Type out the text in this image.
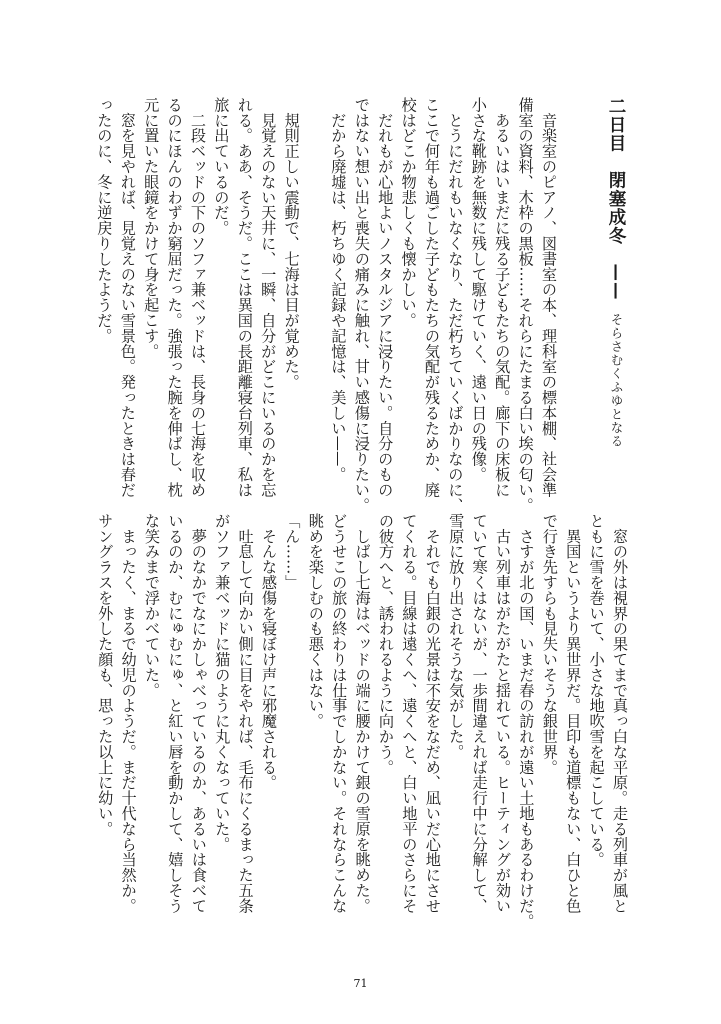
二日目　閉塞成冬　——そらさむくふゆとなる
　音楽室のピアノ、図書室の本、理科室の標本棚、社会準
備室の資料、木枠の黒板……それらにたまる白い埃の匂い。
　あるいはいまだに残る子どもたちの気配。廊下の床板に
小さな靴跡を無数に残して駆けていく、遠い日の残像。
　とうにだれもいなくなり、ただ朽ちていくばかりなのに、
ここで何年も過ごした子どもたちの気配が残るためか、廃
校はどこか物悲しくも懐かしい。
　だれもが心地よいノスタルジアに浸りたい。自分のもの
ではない想い出と喪失の痛みに触れ、甘い感傷に浸りたい。
　だから廃墟は、朽ちゆく記録や記憶は、美しい——。
　規則正しい震動で、七海は目が覚めた。
　見覚えのない天井に、一瞬、自分がどこにいるのかを忘
れる。ああ、そうだ。ここは異国の長距離寝台列車、私は
旅に出ているのだ。
　二段ベッドの下のソファ兼ベッドは、長身の七海を収め
るのにほんのわずか窮屈だった。強張った腕を伸ばし、枕
元に置いた眼鏡をかけて身を起こす。
　窓を見やれば、見覚えのない雪景色。発ったときは春だ
ったのに、冬に逆戻りしたようだ。
　窓の外は視界の果てまで真っ白な平原。走る列車が風と
ともに雪を巻いて、小さな地吹雪を起こしている。
　異国というより異世界だ。目印も道標もない、白ひと色
で行き先すらも見失いそうな銀世界。
　さすが北の国、いまだ春の訪れが遠い土地もあるわけだ。
　古い列車はがたがたと揺れている。ヒーティングが効い
ていて寒くはないが、一歩間違えれば走行中に分解して、
雪原に放り出されそうな気がした。
　それでも白銀の光景は不安をなだめ、凪いだ心地にさせ
てくれる。目線は遠くへ、遠くへと、白い地平のさらにそ
の彼方へと、誘われるように向かう。
　しばし七海はベッドの端に腰かけて銀の雪原を眺めた。
どうせこの旅の終わりは仕事でしかない。それならこんな
眺めを楽しむのも悪くはない。
「ん……」
　そんな感傷を寝ぼけ声に邪魔される。
　吐息して向かい側に目をやれば、毛布にくるまった五条
がソファ兼ベッドに猫のように丸くなっていた。
　夢のなかでなにかしゃべっているのか、あるいは食べて
いるのか、むにゅむにゅ、と紅い唇を動かして、嬉しそう
な笑みまで浮かべていた。
　まったく、まるで幼児のようだ。まだ十代なら当然か。
サングラスを外した顔も、思った以上に幼い。
71
